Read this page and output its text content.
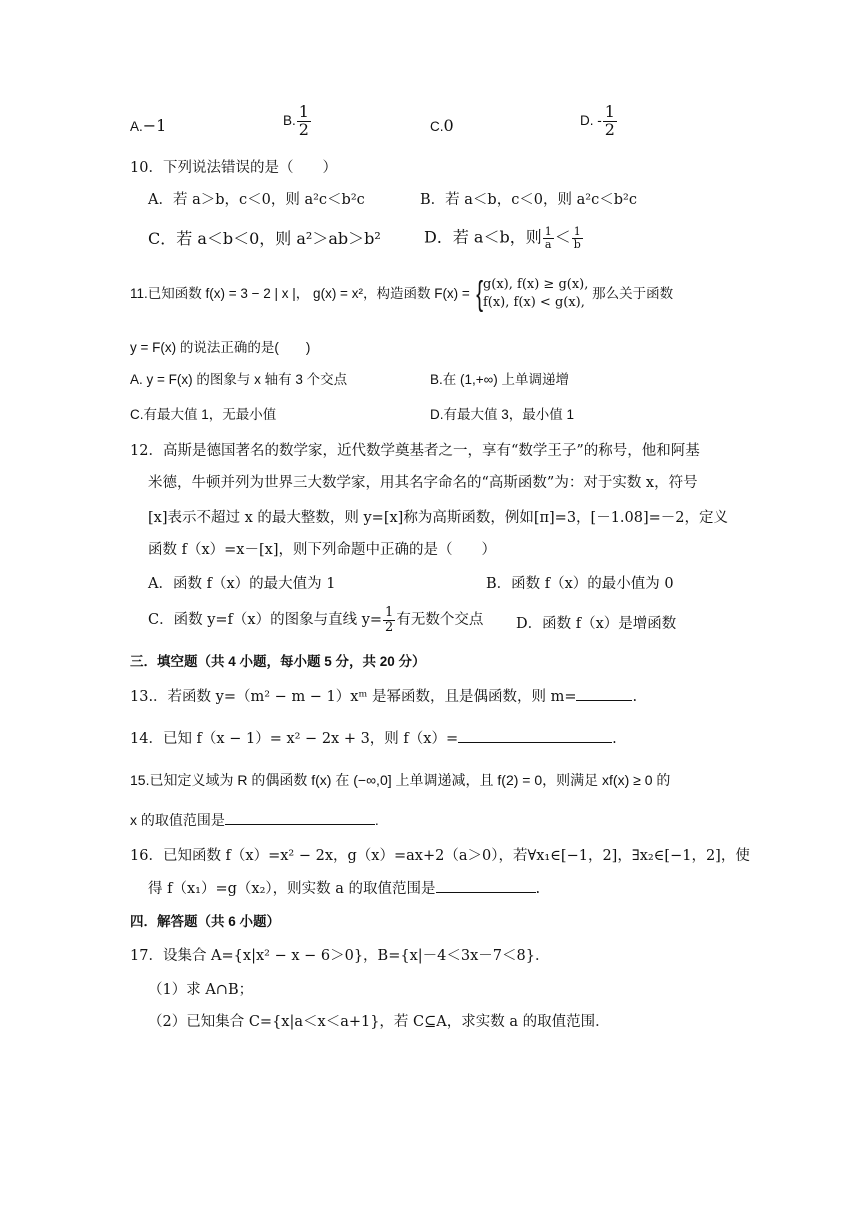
A.−1	B. $\frac{1}{2}$	C.0	D. - $\frac{1}{2}$
10．下列说法错误的是（　　）
A．若 a＞b，c＜0，则 a²c＜b²c	B．若 a＜b，c＜0，则 a²c＜b²c
C．若 a＜b＜0，则 a²＞ab＞b²	D．若 a＜b，则 $\frac{1}{a} < \frac{1}{b}$
11.已知函数 f(x) = 3 − 2 | x |， g(x) = x²，构造函数 F(x) = { g(x), f(x) ≥ g(x),
f(x), f(x) < g(x),
那么关于函数
y = F(x) 的说法正确的是(　　)
A. y = F(x) 的图象与 x 轴有 3 个交点	B.在 (1,+∞) 上单调递增
C.有最大值 1，无最小值	D.有最大值 3，最小值 1
12．高斯是德国著名的数学家，近代数学奠基者之一，享有“数学王子”的称号，他和阿基
米德，牛顿并列为世界三大数学家，用其名字命名的“高斯函数”为：对于实数 x，符号
[x]表示不超过 x 的最大整数，则 y=[x]称为高斯函数，例如[π]=3，[－1.08]=－2，定义
函数 f（x）=x－[x]，则下列命题中正确的是（　　）
A．函数 f（x）的最大值为 1	B．函数 f（x）的最小值为 0
C．函数 y=f（x）的图象与直线 $y= \frac{1}{2}$ 有无数个交点 D．函数 f（x）是增函数
三．填空题（共 4 小题，每小题 5 分，共 20 分）
13.．若函数 y=（m² − m − 1）xᵐ 是幂函数，且是偶函数，则 m=	.
14．已知 f（x − 1）= x² − 2x + 3，则 f（x）=	.
15.已知定义域为 R 的偶函数 f(x) 在 (−∞,0] 上单调递减，且 f(2) = 0，则满足 xf(x) ≥ 0 的
x 的取值范围是	.
16．已知函数 f（x）=x² − 2x，g（x）=ax+2（a＞0），若∀x₁∈[−1，2]，∃x₂∈[−1，2]，使
得 f（x₁）=g（x₂），则实数 a 的取值范围是	.
四．解答题（共 6 小题）
17．设集合 A={x|x² − x − 6＞0}，B={x|－4＜3x－7＜8}．
（1）求 A∩B；
（2）已知集合 C={x|a＜x＜a+1}，若 C⊆A，求实数 a 的取值范围．
